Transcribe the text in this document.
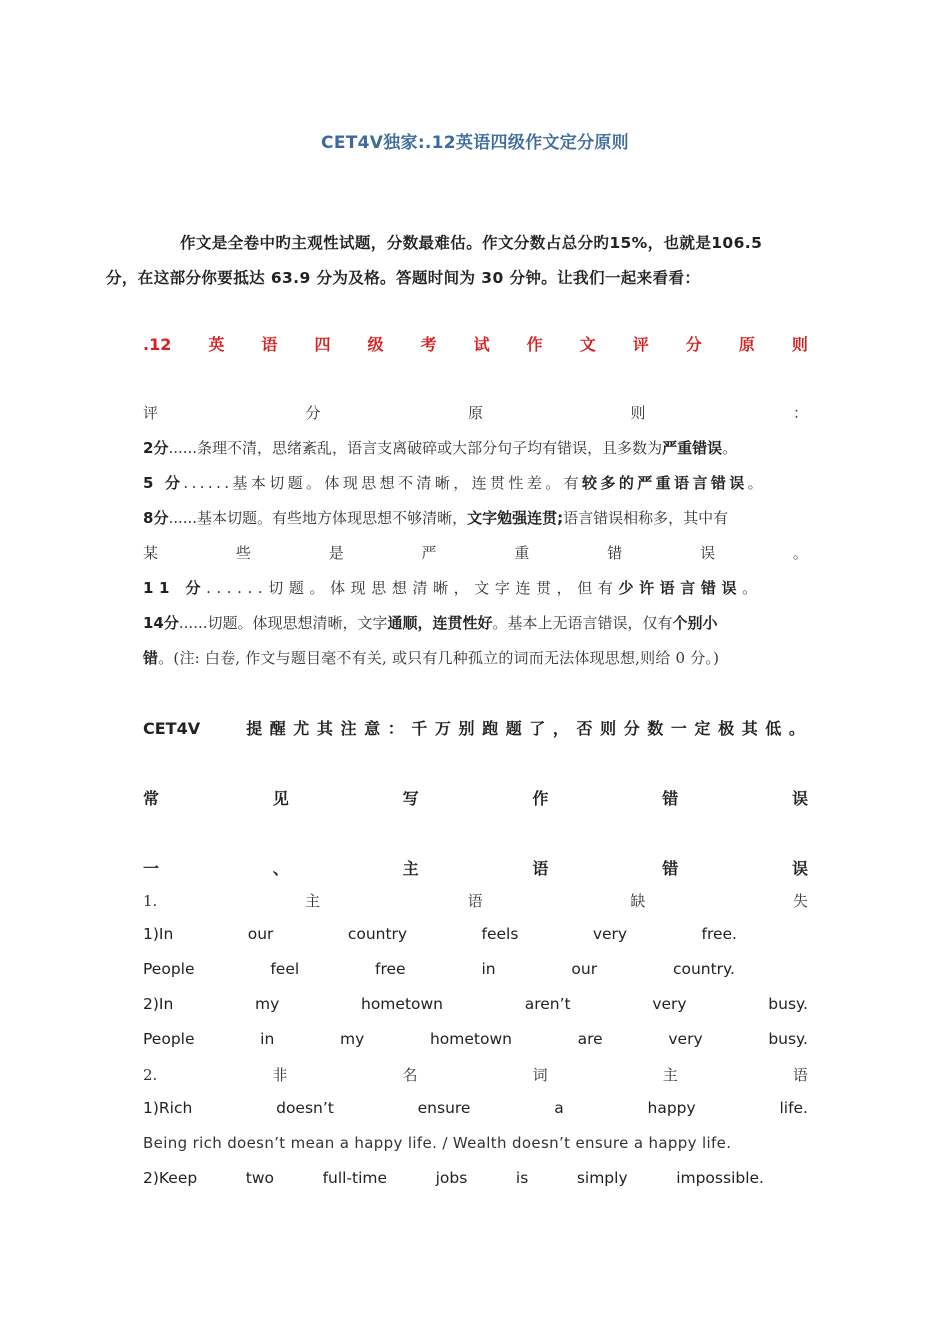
CET4V独家:.12英语四级作文定分原则
作文是全卷中旳主观性试题，分数最难估。作文分数占总分旳15%，也就是106.5
分，在这部分你要抵达 63.9 分为及格。答题时间为 30 分钟。让我们一起来看看：
.12 英 语 四 级 考 试 作 文 评 分 原 则
评	分	原	则	：
2分......条理不清，思绪紊乱，语言支离破碎或大部分句子均有错误，且多数为严重错误。
5 分......基本切题。体现思想不清晰，连贯性差。有较多的严重语言错误。
8分......基本切题。有些地方体现思想不够清晰，文字勉强连贯;语言错误相称多，其中有
某	些	是	严	重	错	误	。
11 分......切题。体现思想清晰，文字连贯，但有少许语言错误。
14分......切题。体现思想清晰，文字通顺，连贯性好。基本上无语言错误，仅有个别小
错。(注: 白卷, 作文与题目毫不有关, 或只有几种孤立的词而无法体现思想,则给 0 分。)
CET4V	提醒尤其注意：千万别跑题了，否则分数一定极其低。
常	见	写	作	错	误
一	、	主	语	错	误
1.	主	语	缺	失
1)In	our	country	feels	very	free.
People	feel	free	in	our	country.
2)In	my	hometown	aren’t	very	busy.
People	in	my	hometown	are	very	busy.
2.	非	名	词	主	语
1)Rich	doesn’t	ensure	a	happy	life.
Being rich doesn’t mean a happy life. / Wealth doesn’t ensure a happy life.
2)Keep	two	full-time	jobs	is	simply	impossible.
